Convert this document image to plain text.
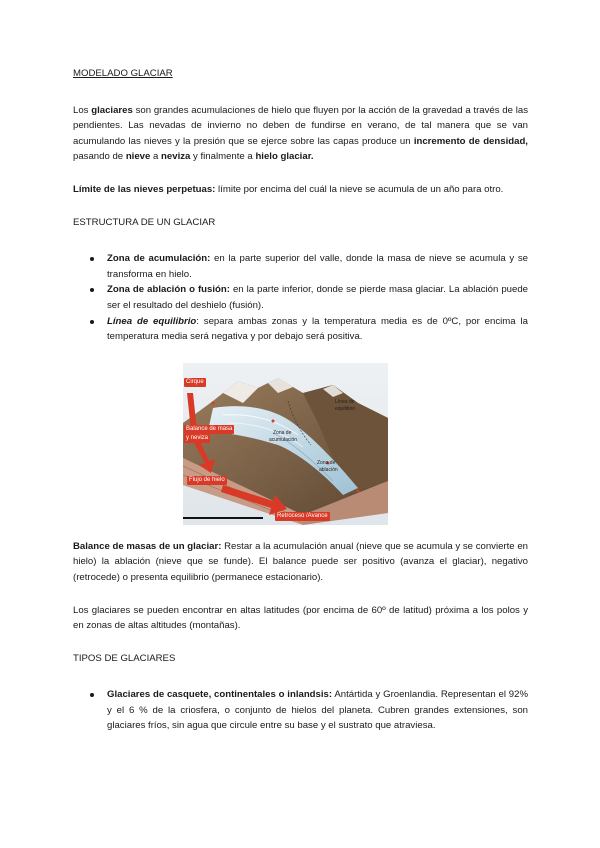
MODELADO GLACIAR

Los glaciares son grandes acumulaciones de hielo que fluyen por la acción de la gravedad a través de las pendientes. Las nevadas de invierno no deben de fundirse en verano, de tal manera que se van acumulando las nieves y la presión que se ejerce sobre las capas produce un incremento de densidad, pasando de nieve a neviza y finalmente a hielo glaciar.

Límite de las nieves perpetuas: límite por encima del cuál la nieve se acumula de un año para otro.

ESTRUCTURA DE UN GLACIAR

Zona de acumulación: en la parte superior del valle, donde la masa de nieve se acumula y se transforma en hielo.
Zona de ablación o fusión: en la parte inferior, donde se pierde masa glaciar. La ablación puede ser el resultado del deshielo (fusión).
Línea de equilibrio: separa ambas zonas y la temperatura media es de 0ºC, por encima la temperatura media será negativa y por debajo será positiva.
Cirque
Balance de masa
y neviza
Flujo de hielo
Retroceso /Avance
Línea de
equilibrio
Zona de
acumulación
Zona de
ablación

Balance de masas de un glaciar: Restar a la acumulación anual (nieve que se acumula y se convierte en hielo) la ablación (nieve que se funde). El balance puede ser positivo (avanza el glaciar), negativo (retrocede) o presenta equilibrio (permanece estacionario).

Los glaciares se pueden encontrar en altas latitudes (por encima de 60º de latitud) próxima a los polos y en zonas de altas altitudes (montañas).

TIPOS DE GLACIARES

Glaciares de casquete, continentales o inlandsis: Antártida y Groenlandia. Representan el 92% y el 6 % de la criosfera, o conjunto de hielos del planeta. Cubren grandes extensiones, son glaciares fríos, sin agua que circule entre su base y el sustrato que atraviesa.
